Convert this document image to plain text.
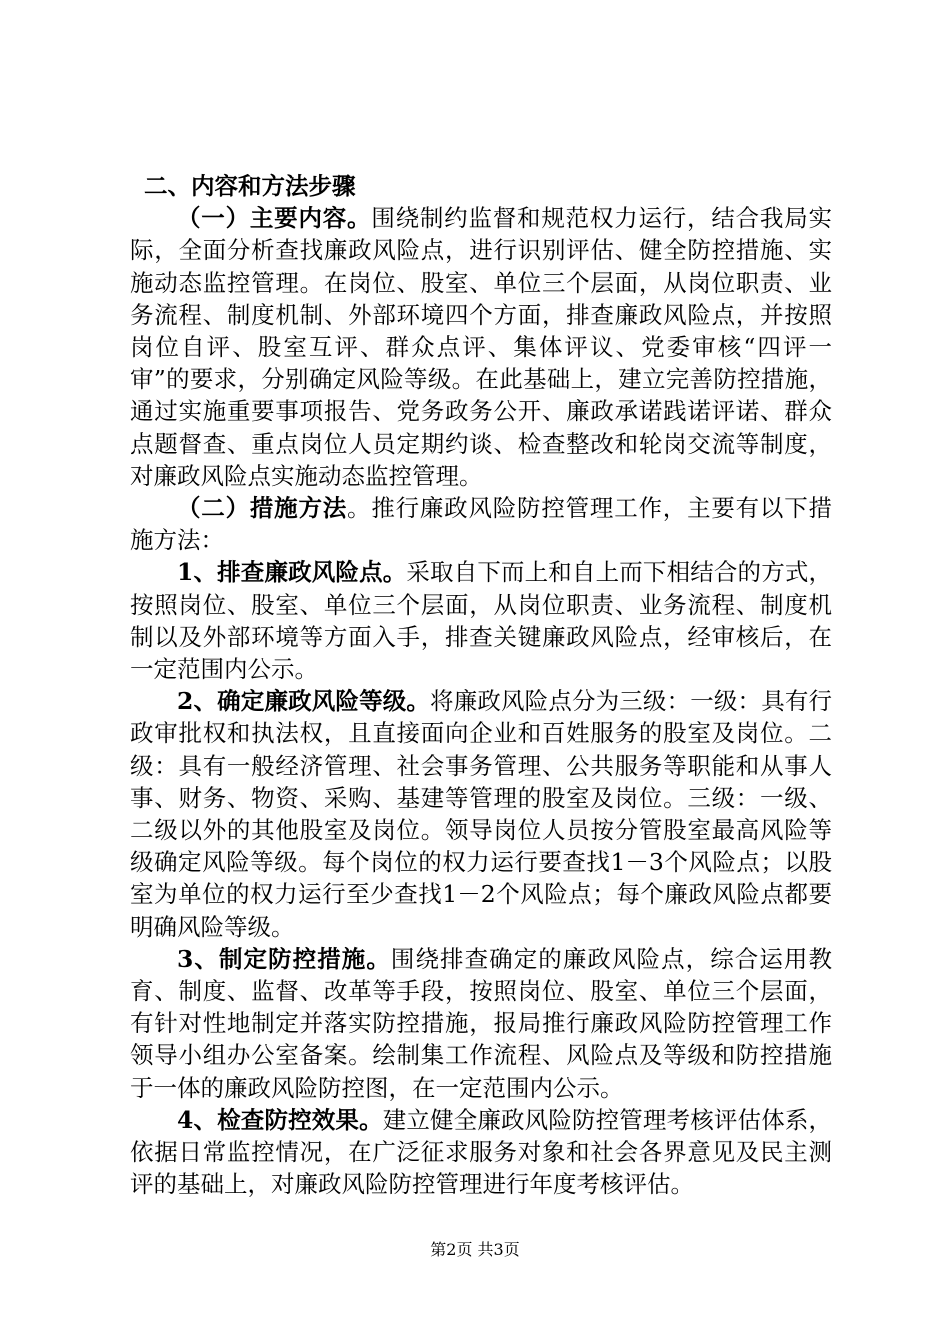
二、内容和方法步骤

（一）主要内容。围绕制约监督和规范权力运行，结合我局实际，全面分析查找廉政风险点，进行识别评估、健全防控措施、实施动态监控管理。在岗位、股室、单位三个层面，从岗位职责、业务流程、制度机制、外部环境四个方面，排查廉政风险点，并按照岗位自评、股室互评、群众点评、集体评议、党委审核“四评一审”的要求，分别确定风险等级。在此基础上，建立完善防控措施，通过实施重要事项报告、党务政务公开、廉政承诺践诺评诺、群众点题督查、重点岗位人员定期约谈、检查整改和轮岗交流等制度，对廉政风险点实施动态监控管理。

（二）措施方法。推行廉政风险防控管理工作，主要有以下措施方法：

1、排查廉政风险点。采取自下而上和自上而下相结合的方式，按照岗位、股室、单位三个层面，从岗位职责、业务流程、制度机制以及外部环境等方面入手，排查关键廉政风险点，经审核后，在一定范围内公示。

2、确定廉政风险等级。将廉政风险点分为三级：一级：具有行政审批权和执法权，且直接面向企业和百姓服务的股室及岗位。二级：具有一般经济管理、社会事务管理、公共服务等职能和从事人事、财务、物资、采购、基建等管理的股室及岗位。三级：一级、二级以外的其他股室及岗位。领导岗位人员按分管股室最高风险等级确定风险等级。每个岗位的权力运行要查找1－3个风险点；以股室为单位的权力运行至少查找1－2个风险点；每个廉政风险点都要明确风险等级。

3、制定防控措施。围绕排查确定的廉政风险点，综合运用教育、制度、监督、改革等手段，按照岗位、股室、单位三个层面，有针对性地制定并落实防控措施，报局推行廉政风险防控管理工作领导小组办公室备案。绘制集工作流程、风险点及等级和防控措施于一体的廉政风险防控图，在一定范围内公示。

4、检查防控效果。建立健全廉政风险防控管理考核评估体系，依据日常监控情况，在广泛征求服务对象和社会各界意见及民主测评的基础上，对廉政风险防控管理进行年度考核评估。

第2页 共3页
